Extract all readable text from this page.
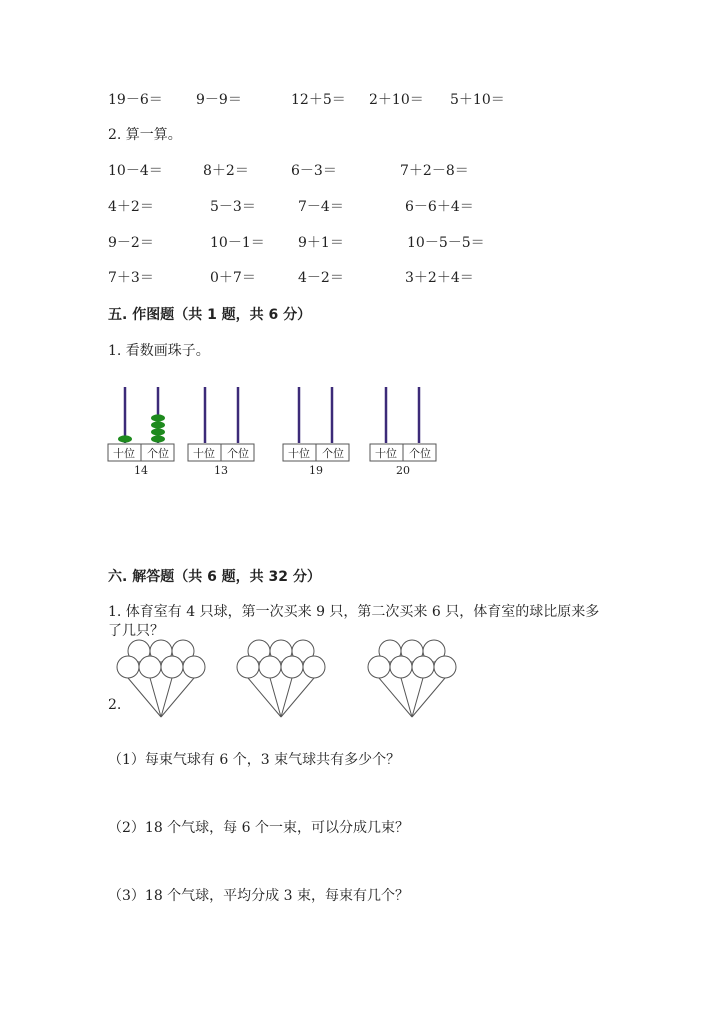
19－6＝ 9－9＝	12＋5＝ 2＋10＝ 5＋10＝
2. 算一算。
10－4＝	8＋2＝	6－3＝	7＋2－8＝
4＋2＝	5－3＝	7－4＝	6－6＋4＝
9－2＝	10－1＝ 9＋1＝	10－5－5＝
7＋3＝	0＋7＝	4－2＝	3＋2＋4＝
五. 作图题（共 1 题，共 6 分）
1. 看数画珠子。
十位 个位
14
十位 个位
13
十位 个位
19
十位 个位
20
六. 解答题（共 6 题，共 32 分）
1. 体育室有 4 只球，第一次买来 9 只，第二次买来 6 只，体育室的球比原来多
了几只？
2.
（1）每束气球有 6 个，3 束气球共有多少个？
（2）18 个气球，每 6 个一束，可以分成几束？
（3）18 个气球，平均分成 3 束，每束有几个？
